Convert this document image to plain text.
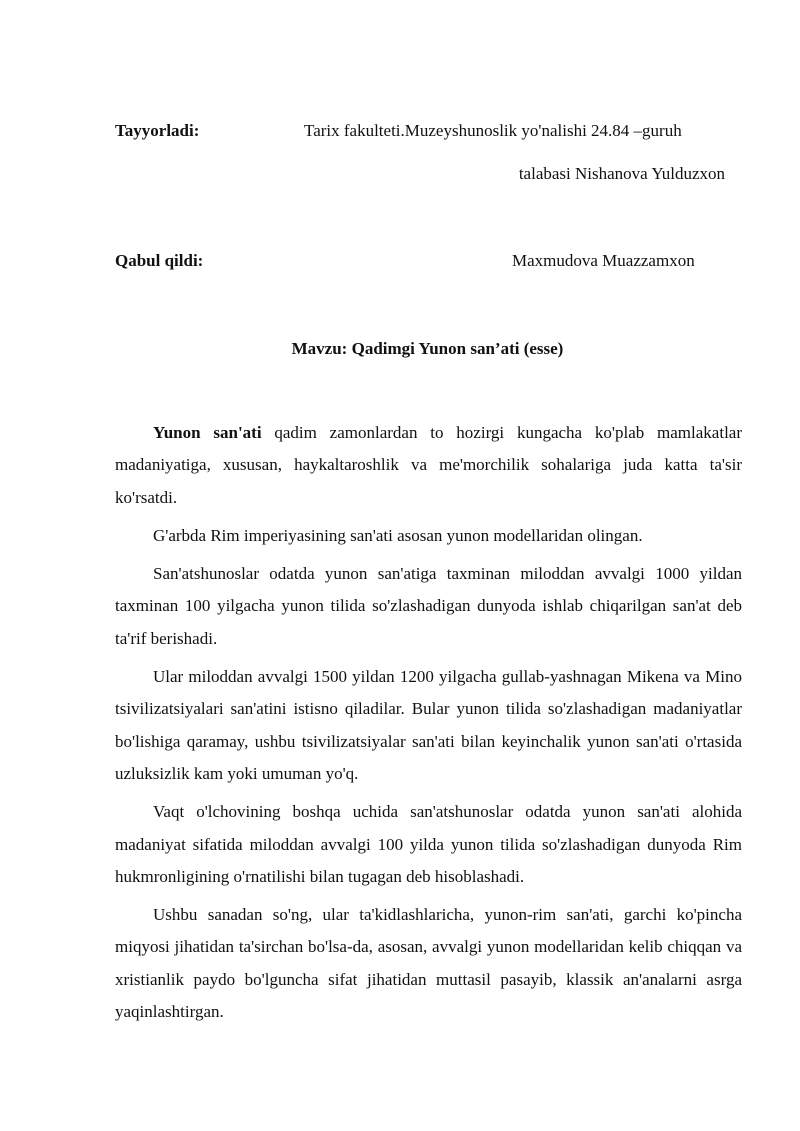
Tayyorladi:	Tarix fakulteti.Muzeyshunoslik yo'nalishi 24.84 –guruh
talabasi Nishanova Yulduzxon
Qabul qildi:	Maxmudova Muazzamxon
Mavzu: Qadimgi Yunon san’ati (esse)

Yunon san'ati qadim zamonlardan to hozirgi kungacha ko'plab mamlakatlar madaniyatiga, xususan, haykaltaroshlik va me'morchilik sohalariga juda katta ta'sir ko'rsatdi.

G'arbda Rim imperiyasining san'ati asosan yunon modellaridan olingan.

San'atshunoslar odatda yunon san'atiga taxminan miloddan avvalgi 1000 yildan taxminan 100 yilgacha yunon tilida so'zlashadigan dunyoda ishlab chiqarilgan san'at deb ta'rif berishadi.

Ular miloddan avvalgi 1500 yildan 1200 yilgacha gullab-yashnagan Mikena va Mino tsivilizatsiyalari san'atini istisno qiladilar. Bular yunon tilida so'zlashadigan madaniyatlar bo'lishiga qaramay, ushbu tsivilizatsiyalar san'ati bilan keyinchalik yunon san'ati o'rtasida uzluksizlik kam yoki umuman yo'q.

Vaqt o'lchovining boshqa uchida san'atshunoslar odatda yunon san'ati alohida madaniyat sifatida miloddan avvalgi 100 yilda yunon tilida so'zlashadigan dunyoda Rim hukmronligining o'rnatilishi bilan tugagan deb hisoblashadi.

Ushbu sanadan so'ng, ular ta'kidlashlaricha, yunon-rim san'ati, garchi ko'pincha miqyosi jihatidan ta'sirchan bo'lsa-da, asosan, avvalgi yunon modellaridan kelib chiqqan va xristianlik paydo bo'lguncha sifat jihatidan muttasil pasayib, klassik an'analarni asrga yaqinlashtirgan.
